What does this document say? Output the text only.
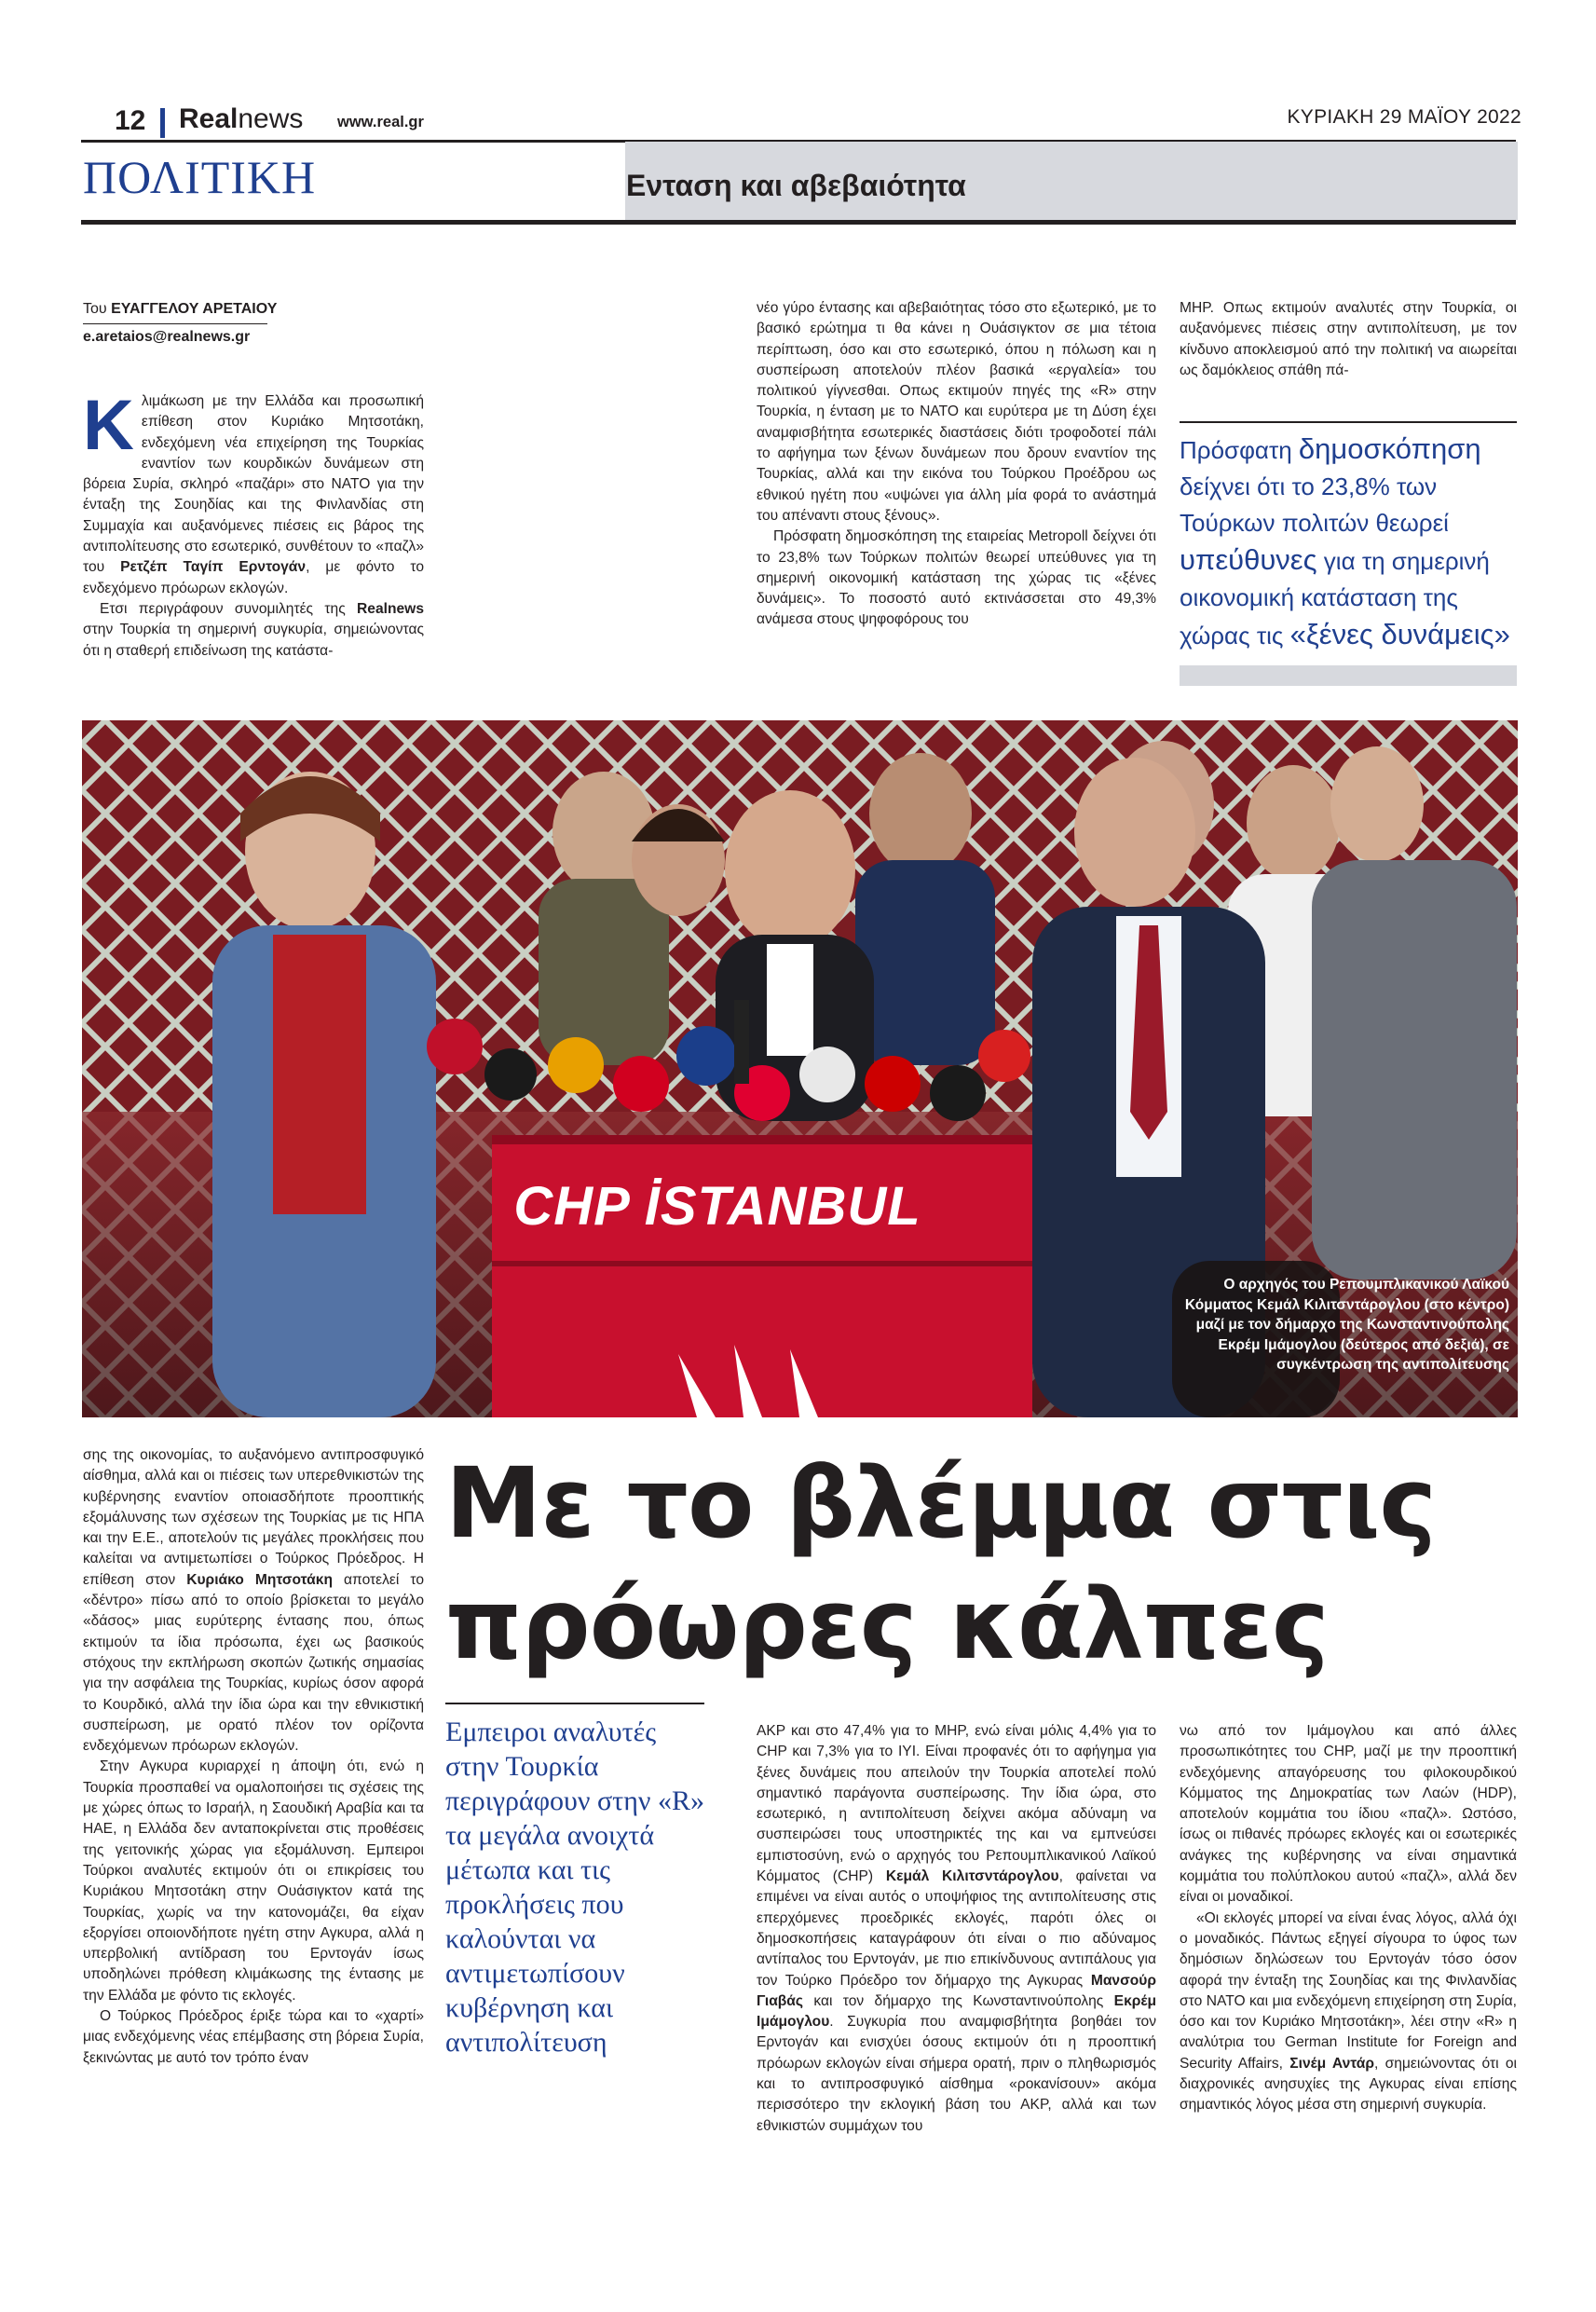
12 Realnews www.real.gr	ΚΥΡΙΑΚΗ 29 ΜΑΪΟΥ 2022
ΠΟΛΙΤΙΚΗ	Ενταση και αβεβαιότητα
Του ΕΥΑΓΓΕΛΟΥ ΑΡΕΤΑΙΟΥ
e.aretaios@realnews.gr

Κλιμάκωση με την Ελλάδα και προσωπική επίθεση στον Κυριάκο Μητσοτάκη, ενδεχόμενη νέα επιχείρηση της Τουρκίας εναντίον των κουρδικών δυνάμεων στη βόρεια Συρία, σκληρό «παζάρι» στο ΝΑΤΟ για την ένταξη της Σουηδίας και της Φινλανδίας στη Συμμαχία και αυξανόμενες πιέσεις εις βάρος της αντιπολίτευσης στο εσωτερικό, συνθέτουν το «παζλ» του Ρετζέπ Ταγίπ Ερντογάν, με φόντο το ενδεχόμενο πρόωρων εκλογών.

Ετσι περιγράφουν συνομιλητές της Realnews στην Τουρκία τη σημερινή συγκυρία, σημειώνοντας ότι η σταθερή επιδείνωση της κατάστα-

νέο γύρο έντασης και αβεβαιότητας τόσο στο εξωτερικό, με το βασικό ερώτημα τι θα κάνει η Ουάσιγκτον σε μια τέτοια περίπτωση, όσο και στο εσωτερικό, όπου η πόλωση και η συσπείρωση αποτελούν πλέον βασικά «εργαλεία» του πολιτικού γίγνεσθαι. Οπως εκτιμούν πηγές της «R» στην Τουρκία, η ένταση με το ΝΑΤΟ και ευρύτερα με τη Δύση έχει αναμφισβήτητα εσωτερικές διαστάσεις διότι τροφοδοτεί πάλι το αφήγημα των ξένων δυνάμεων που δρουν εναντίον της Τουρκίας, αλλά και την εικόνα του Τούρκου Προέδρου ως εθνικού ηγέτη που «υψώνει για άλλη μία φορά το ανάστημά του απέναντι στους ξένους».

Πρόσφατη δημοσκόπηση της εταιρείας Metropoll δείχνει ότι το 23,8% των Τούρκων πολιτών θεωρεί υπεύθυνες για τη σημερινή οικονομική κατάσταση της χώρας τις «ξένες δυνάμεις». Το ποσοστό αυτό εκτινάσσεται στο 49,3% ανάμεσα στους ψηφοφόρους του

ΜΗΡ. Οπως εκτιμούν αναλυτές στην Τουρκία, οι αυξανόμενες πιέσεις στην αντιπολίτευση, με τον κίνδυνο αποκλεισμού από την πολιτική να αιωρείται ως δαμόκλειος σπάθη πά-

Πρόσφατη δημοσκόπηση δείχνει ότι το 23,8% των Τούρκων πολιτών θεωρεί υπεύθυνες για τη σημερινή οικονομική κατάσταση της χώρας τις «ξένες δυνάμεις»
CHP İSTANBUL
Ο αρχηγός του Ρεπουμπλικανικού Λαϊκού Κόμματος Κεμάλ Κιλιτσντάρογλου (στο κέντρο) μαζί με τον δήμαρχο της Κωνσταντινούπολης Εκρέμ Ιμάμογλου (δεύτερος από δεξιά), σε συγκέντρωση της αντιπολίτευσης

σης της οικονομίας, το αυξανόμενο αντιπροσφυγικό αίσθημα, αλλά και οι πιέσεις των υπερεθνικιστών της κυβέρνησης εναντίον οποιασδήποτε προοπτικής εξομάλυνσης των σχέσεων της Τουρκίας με τις ΗΠΑ και την Ε.Ε., αποτελούν τις μεγάλες προκλήσεις που καλείται να αντιμετωπίσει ο Τούρκος Πρόεδρος. Η επίθεση στον Κυριάκο Μητσοτάκη αποτελεί το «δέντρο» πίσω από το οποίο βρίσκεται το μεγάλο «δάσος» μιας ευρύτερης έντασης που, όπως εκτιμούν τα ίδια πρόσωπα, έχει ως βασικούς στόχους την εκπλήρωση σκοπών ζωτικής σημασίας για την ασφάλεια της Τουρκίας, κυρίως όσον αφορά το Κουρδικό, αλλά την ίδια ώρα και την εθνικιστική συσπείρωση, με ορατό πλέον τον ορίζοντα ενδεχόμενων πρόωρων εκλογών.

Στην Αγκυρα κυριαρχεί η άποψη ότι, ενώ η Τουρκία προσπαθεί να ομαλοποιήσει τις σχέσεις της με χώρες όπως το Ισραήλ, η Σαουδική Αραβία και τα ΗΑΕ, η Ελλάδα δεν ανταποκρίνεται στις προθέσεις της γειτονικής χώρας για εξομάλυνση. Εμπειροι Τούρκοι αναλυτές εκτιμούν ότι οι επικρίσεις του Κυριάκου Μητσοτάκη στην Ουάσιγκτον κατά της Τουρκίας, χωρίς να την κατονομάζει, θα είχαν εξοργίσει οποιονδήποτε ηγέτη στην Αγκυρα, αλλά η υπερβολική αντίδραση του Ερντογάν ίσως υποδηλώνει πρόθεση κλιμάκωσης της έντασης με την Ελλάδα με φόντο τις εκλογές.

Ο Τούρκος Πρόεδρος έριξε τώρα και το «χαρτί» μιας ενδεχόμενης νέας επέμβασης στη βόρεια Συρία, ξεκινώντας με αυτό τον τρόπο έναν

Με το βλέμμα στις
πρόωρες κάλπες
Εμπειροι αναλυτές στην Τουρκία περιγράφουν στην «R» τα μεγάλα ανοιχτά μέτωπα και τις προκλήσεις που καλούνται να αντιμετωπίσουν κυβέρνηση και αντιπολίτευση

ΑΚΡ και στο 47,4% για το ΜΗΡ, ενώ είναι μόλις 4,4% για το CHP και 7,3% για το ΙΥΙ. Είναι προφανές ότι το αφήγημα για ξένες δυνάμεις που απειλούν την Τουρκία αποτελεί πολύ σημαντικό παράγοντα συσπείρωσης. Την ίδια ώρα, στο εσωτερικό, η αντιπολίτευση δείχνει ακόμα αδύναμη να συσπειρώσει τους υποστηρικτές της και να εμπνεύσει εμπιστοσύνη, ενώ ο αρχηγός του Ρεπουμπλικανικού Λαϊκού Κόμματος (CHP) Κεμάλ Κιλιτσντάρογλου, φαίνεται να επιμένει να είναι αυτός ο υποψήφιος της αντιπολίτευσης στις επερχόμενες προεδρικές εκλογές, παρότι όλες οι δημοσκοπήσεις καταγράφουν ότι είναι ο πιο αδύναμος αντίπαλος του Ερντογάν, με πιο επικίνδυνους αντιπάλους για τον Τούρκο Πρόεδρο τον δήμαρχο της Αγκυρας Μανσούρ Γιαβάς και τον δήμαρχο της Κωνσταντινούπολης Εκρέμ Ιμάμογλου. Συγκυρία που αναμφισβήτητα βοηθάει τον Ερντογάν και ενισχύει όσους εκτιμούν ότι η προοπτική πρόωρων εκλογών είναι σήμερα ορατή, πριν ο πληθωρισμός και το αντιπροσφυγικό αίσθημα «ροκανίσουν» ακόμα περισσότερο την εκλογική βάση του ΑΚΡ, αλλά και των εθνικιστών συμμάχων του

νω από τον Ιμάμογλου και από άλλες προσωπικότητες του CHP, μαζί με την προοπτική ενδεχόμενης απαγόρευσης του φιλοκουρδικού Κόμματος της Δημοκρατίας των Λαών (HDP), αποτελούν κομμάτια του ίδιου «παζλ». Ωστόσο, ίσως οι πιθανές πρόωρες εκλογές και οι εσωτερικές ανάγκες της κυβέρνησης να είναι σημαντικά κομμάτια του πολύπλοκου αυτού «παζλ», αλλά δεν είναι οι μοναδικοί.

«Οι εκλογές μπορεί να είναι ένας λόγος, αλλά όχι ο μοναδικός. Πάντως εξηγεί σίγουρα το ύφος των δημόσιων δηλώσεων του Ερντογάν τόσο όσον αφορά την ένταξη της Σουηδίας και της Φινλανδίας στο ΝΑΤΟ και μια ενδεχόμενη επιχείρηση στη Συρία, όσο και τον Κυριάκο Μητσοτάκη», λέει στην «R» η αναλύτρια του German Institute for Foreign and Security Affairs, Σινέμ Αντάρ, σημειώνοντας ότι οι διαχρονικές ανησυχίες της Αγκυρας είναι επίσης σημαντικός λόγος μέσα στη σημερινή συγκυρία.
